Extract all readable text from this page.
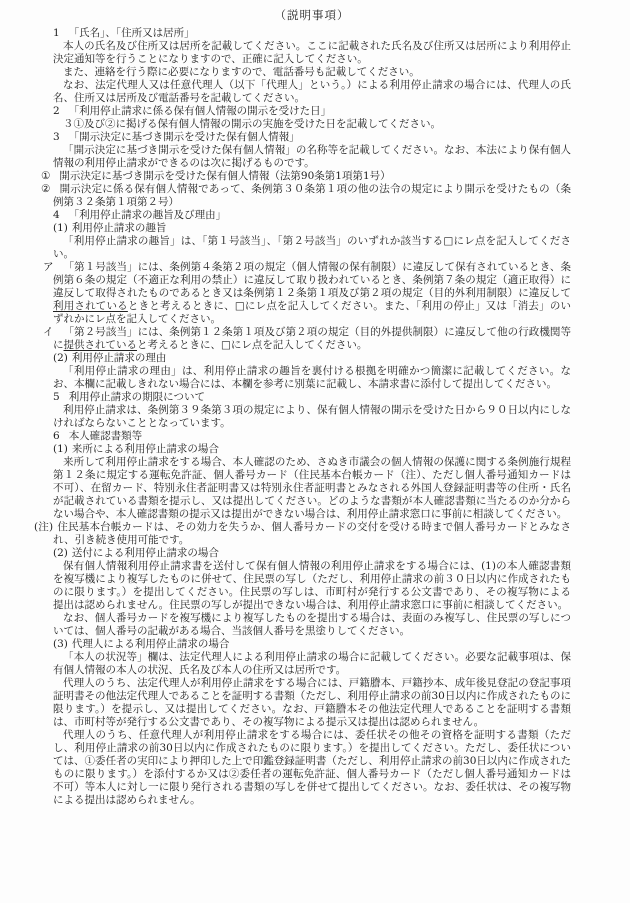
（説明事項）
1 「氏名」、「住所又は居所」
本人の氏名及び住所又は居所を記載してください。ここに記載された氏名及び住所又は居所により利用停止決定通知等を行うことになりますので、正確に記入してください。
また、連絡を行う際に必要になりますので、電話番号も記載してください。
なお、法定代理人又は任意代理人（以下「代理人」という。）による利用停止請求の場合には、代理人の氏名、住所又は居所及び電話番号を記載してください。
2 「利用停止請求に係る保有個人情報の開示を受けた日」
３①及び②に掲げる保有個人情報の開示の実施を受けた日を記載してください。
3 「開示決定に基づき開示を受けた保有個人情報」
「開示決定に基づき開示を受けた保有個人情報」の名称等を記載してください。なお、本法により保有個人情報の利用停止請求ができるのは次に掲げるものです。
① 開示決定に基づき開示を受けた保有個人情報（法第90条第1項第1号）
② 開示決定に係る保有個人情報であって、条例第３０条第１項の他の法令の規定により開示を受けたもの（条例第３２条第１項第２号）
4 「利用停止請求の趣旨及び理由」
(1) 利用停止請求の趣旨
「利用停止請求の趣旨」は、「第１号該当」、「第２号該当」のいずれか該当する□にレ点を記入してください。
ア 「第１号該当」には、条例第４条第２項の規定（個人情報の保有制限）に違反して保有されているとき、条例第６条の規定（不適正な利用の禁止）に違反して取り扱われているとき、条例第７条の規定（適正取得）に違反して取得されたものであるとき又は条例第１２条第１項及び第２項の規定（目的外利用制限）に違反して利用されているときと考えるときに、□にレ点を記入してください。また、「利用の停止」又は「消去」のいずれかにレ点を記入してください。
イ 「第２号該当」には、条例第１２条第１項及び第２項の規定（目的外提供制限）に違反して他の行政機関等に提供されていると考えるときに、□にレ点を記入してください。
(2) 利用停止請求の理由
「利用停止請求の理由」は、利用停止請求の趣旨を裏付ける根拠を明確かつ簡潔に記載してください。なお、本欄に記載しきれない場合には、本欄を参考に別葉に記載し、本請求書に添付して提出してください。
5 利用停止請求の期限について
利用停止請求は、条例第３９条第３項の規定により、保有個人情報の開示を受けた日から９０日以内にしなければならないこととなっています。
6 本人確認書類等
(1) 来所による利用停止請求の場合
来所して利用停止請求をする場合、本人確認のため、さぬき市議会の個人情報の保護に関する条例施行規程第１２条に規定する運転免許証、個人番号カード（住民基本台帳カード（注）、ただし個人番号通知カードは不可）、在留カード、特別永住者証明書又は特別永住者証明書とみなされる外国人登録証明書等の住所・氏名が記載されている書類を提示し、又は提出してください。どのような書類が本人確認書類に当たるのか分からない場合や、本人確認書類の提示又は提出ができない場合は、利用停止請求窓口に事前に相談してください。
(注) 住民基本台帳カードは、その効力を失うか、個人番号カードの交付を受ける時まで個人番号カードとみなされ、引き続き使用可能です。
(2) 送付による利用停止請求の場合
保有個人情報利用停止請求書を送付して保有個人情報の利用停止請求をする場合には、(1)の本人確認書類を複写機により複写したものに併せて、住民票の写し（ただし、利用停止請求の前３０日以内に作成されたものに限ります。）を提出してください。住民票の写しは、市町村が発行する公文書であり、その複写物による提出は認められません。住民票の写しが提出できない場合は、利用停止請求窓口に事前に相談してください。
なお、個人番号カードを複写機により複写したものを提出する場合は、表面のみ複写し、住民票の写しについては、個人番号の記載がある場合、当該個人番号を黒塗りしてください。
(3) 代理人による利用停止請求の場合
「本人の状況等」欄は、法定代理人による利用停止請求の場合に記載してください。必要な記載事項は、保有個人情報の本人の状況、氏名及び本人の住所又は居所です。
代理人のうち、法定代理人が利用停止請求をする場合には、戸籍謄本、戸籍抄本、成年後見登記の登記事項証明書その他法定代理人であることを証明する書類（ただし、利用停止請求の前30日以内に作成されたものに限ります。）を提示し、又は提出してください。なお、戸籍謄本その他法定代理人であることを証明する書類は、市町村等が発行する公文書であり、その複写物による提示又は提出は認められません。
代理人のうち、任意代理人が利用停止請求をする場合には、委任状その他その資格を証明する書類（ただし、利用停止請求の前30日以内に作成されたものに限ります。）を提出してください。ただし、委任状については、①委任者の実印により押印した上で印鑑登録証明書（ただし、利用停止請求の前30日以内に作成されたものに限ります。）を添付するか又は②委任者の運転免許証、個人番号カード（ただし個人番号通知カードは不可）等本人に対し一に限り発行される書類の写しを併せて提出してください。なお、委任状は、その複写物による提出は認められません。
